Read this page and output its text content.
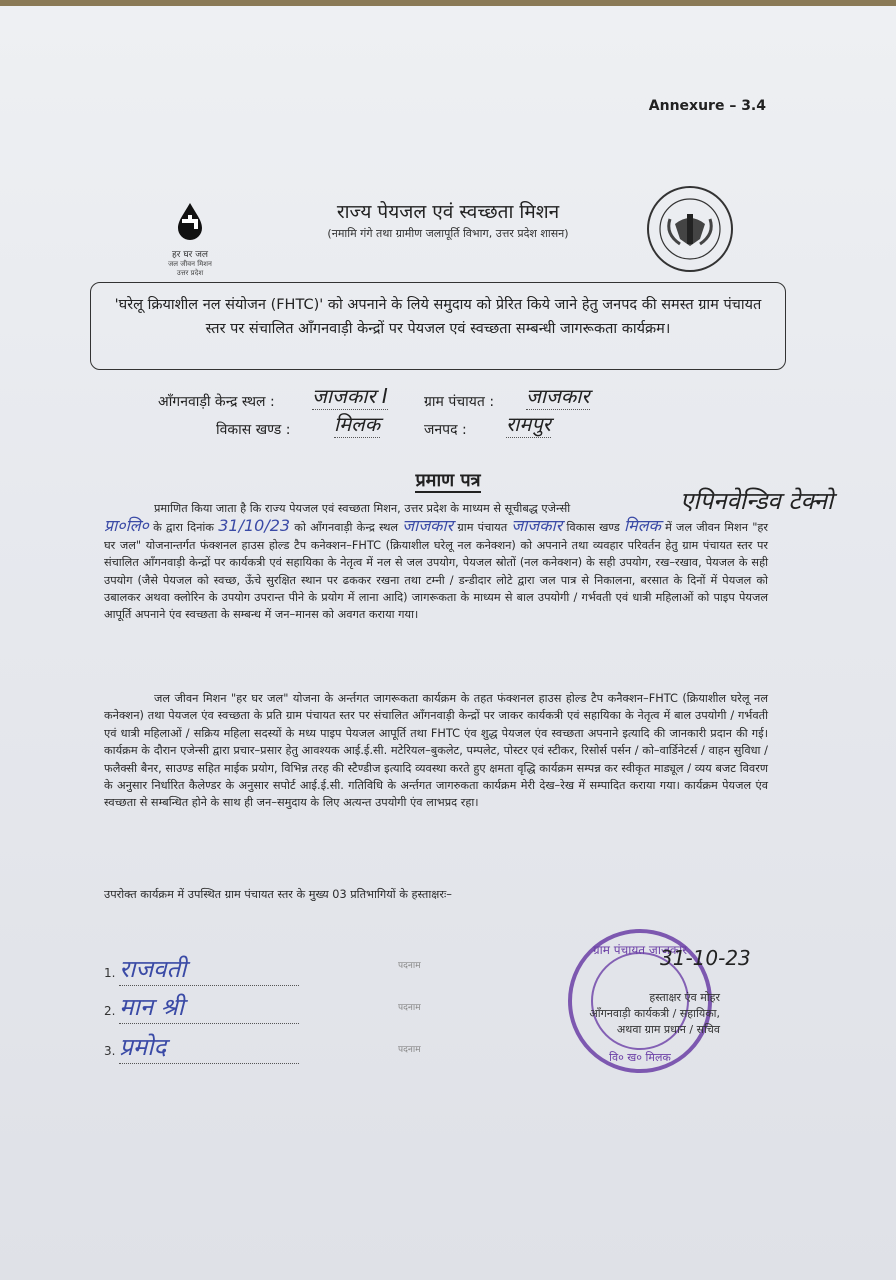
Annexure – 3.4
हर घर जल
जल जीवन मिशन
उत्तर प्रदेश
राज्य पेयजल एवं स्वच्छता मिशन
(नमामि गंगे तथा ग्रामीण जलापूर्ति विभाग, उत्तर प्रदेश शासन)
'घरेलू क्रियाशील नल संयोजन (FHTC)' को अपनाने के लिये समुदाय को प्रेरित किये जाने हेतु जनपद की समस्त ग्राम पंचायत स्तर पर संचालित आँगनवाड़ी केन्द्रों पर पेयजल एवं स्वच्छता सम्बन्धी जागरूकता कार्यक्रम।
आँगनवाड़ी केन्द्र स्थल : जाजकार I	ग्राम पंचायत : जाजकार
विकास खण्ड : मिलक	जनपद : रामपुर
प्रमाण पत्र
एपिनवेन्डिव टेक्नो
प्रमाणित किया जाता है कि राज्य पेयजल एवं स्वच्छता मिशन, उत्तर प्रदेश के माध्यम से सूचीबद्ध एजेन्सी
प्रा०लि० के द्वारा दिनांक 31/10/23 को आँगनवाड़ी केन्द्र स्थल जाजकार ग्राम पंचायत जाजकार विकास खण्ड मिलक में जल जीवन मिशन "हर घर जल" योजनान्तर्गत फंक्शनल हाउस होल्ड टैप कनेक्शन–FHTC (क्रियाशील घरेलू नल कनेक्शन) को अपनाने तथा व्यवहार परिवर्तन हेतु ग्राम पंचायत स्तर पर संचालित आँगनवाड़ी केन्द्रों पर कार्यकत्री एवं सहायिका के नेतृत्व में नल से जल उपयोग, पेयजल स्रोतों (नल कनेक्शन) के सही उपयोग, रख–रखाव, पेयजल के सही उपयोग (जैसे पेयजल को स्वच्छ, ऊँचे सुरक्षित स्थान पर ढककर रखना तथा टम्नी / डन्डीदार लोटे द्वारा जल पात्र से निकालना, बरसात के दिनों में पेयजल को उबालकर अथवा क्लोरिन के उपयोग उपरान्त पीने के प्रयोग में लाना आदि) जागरूकता के माध्यम से बाल उपयोगी / गर्भवती एवं धात्री महिलाओं को पाइप पेयजल आपूर्ति अपनाने एंव स्वच्छता के सम्बन्ध में जन–मानस को अवगत कराया गया।
जल जीवन मिशन "हर घर जल" योजना के अर्न्तगत जागरूकता कार्यक्रम के तहत फंक्शनल हाउस होल्ड टैप कनैक्शन–FHTC (क्रियाशील घरेलू नल कनेक्शन) तथा पेयजल एंव स्वच्छता के प्रति ग्राम पंचायत स्तर पर संचालित आँगनवाड़ी केन्द्रों पर जाकर कार्यकत्री एवं सहायिका के नेतृत्व में बाल उपयोगी / गर्भवती एवं धात्री महिलाओं / सक्रिय महिला सदस्यों के मध्य पाइप पेयजल आपूर्ति तथा FHTC एंव शुद्ध पेयजल एंव स्वच्छता अपनाने इत्यादि की जानकारी प्रदान की गई। कार्यक्रम के दौरान एजेन्सी द्वारा प्रचार–प्रसार हेतु आवश्यक आई.ई.सी. मटेरियल–बुकलेट, पम्पलेट, पोस्टर एवं स्टीकर, रिसोर्स पर्सन / को–वार्डिनेटर्स / वाहन सुविधा / फलैक्सी बैनर, साउण्ड सहित माईक प्रयोग, विभिन्न तरह की स्टैण्डीज इत्यादि व्यवस्था करते हुए क्षमता वृद्धि कार्यक्रम सम्पन्न कर स्वीकृत माड्यूल / व्यय बजट विवरण के अनुसार निर्धारित कैलेण्डर के अनुसार सपोर्ट आई.ई.सी. गतिविधि के अर्न्तगत जागरुकता कार्यक्रम मेरी देख–रेख में सम्पादित कराया गया। कार्यक्रम पेयजल एंव स्वच्छता से सम्बन्धित होने के साथ ही जन–समुदाय के लिए अत्यन्त उपयोगी एंव लाभप्रद रहा।
उपरोक्त कार्यक्रम में उपस्थित ग्राम पंचायत स्तर के मुख्य 03 प्रतिभागियों के हस्ताक्षरः–
1. राजवती
2. मान श्री
3. प्रमोद
पदनाम
पदनाम
पदनाम
ग्राम पंचायत जाजकार
वि० ख० मिलक
31-10-23
हस्ताक्षर एंव मोहर
आँगनवाड़ी कार्यकत्री / सहायिका,
अथवा ग्राम प्रधान / सचिव
